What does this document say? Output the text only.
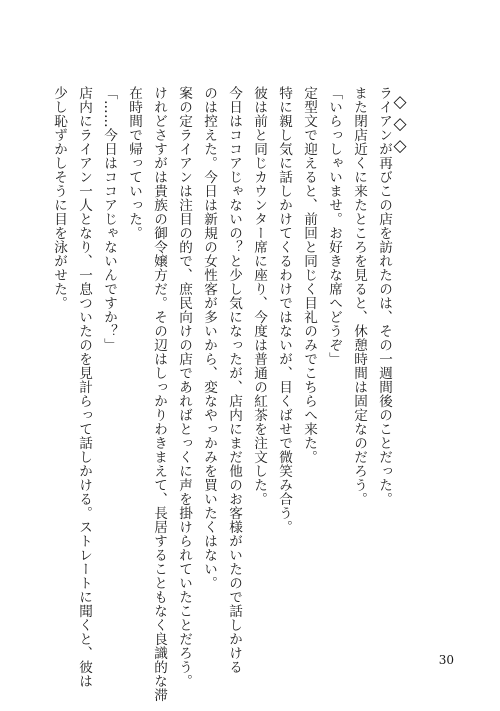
◇◇◇
ライアンが再びこの店を訪れたのは、その一週間後のことだった。
また閉店近くに来たところを見ると、休憩時間は固定なのだろう。
「いらっしゃいませ。お好きな席へどうぞ」
定型文で迎えると、前回と同じく目礼のみでこちらへ来た。
特に親し気に話しかけてくるわけではないが、目くばせで微笑み合う。
彼は前と同じカウンター席に座り、今度は普通の紅茶を注文した。
今日はココアじゃないの？と少し気になったが、店内にまだ他のお客様がいたので話しかける
のは控えた。今日は新規の女性客が多いから、変なやっかみを買いたくはない。
案の定ライアンは注目の的で、庶民向けの店であればとっくに声を掛けられていたことだろう。
けれどさすがは貴族の御令嬢方だ。その辺はしっかりわきまえて、長居することもなく良識的な滞
在時間で帰っていった。
「……今日はココアじゃないんですか？」
店内にライアン一人となり、一息ついたのを見計らって話しかける。ストレートに聞くと、彼は
少し恥ずかしそうに目を泳がせた。
30
